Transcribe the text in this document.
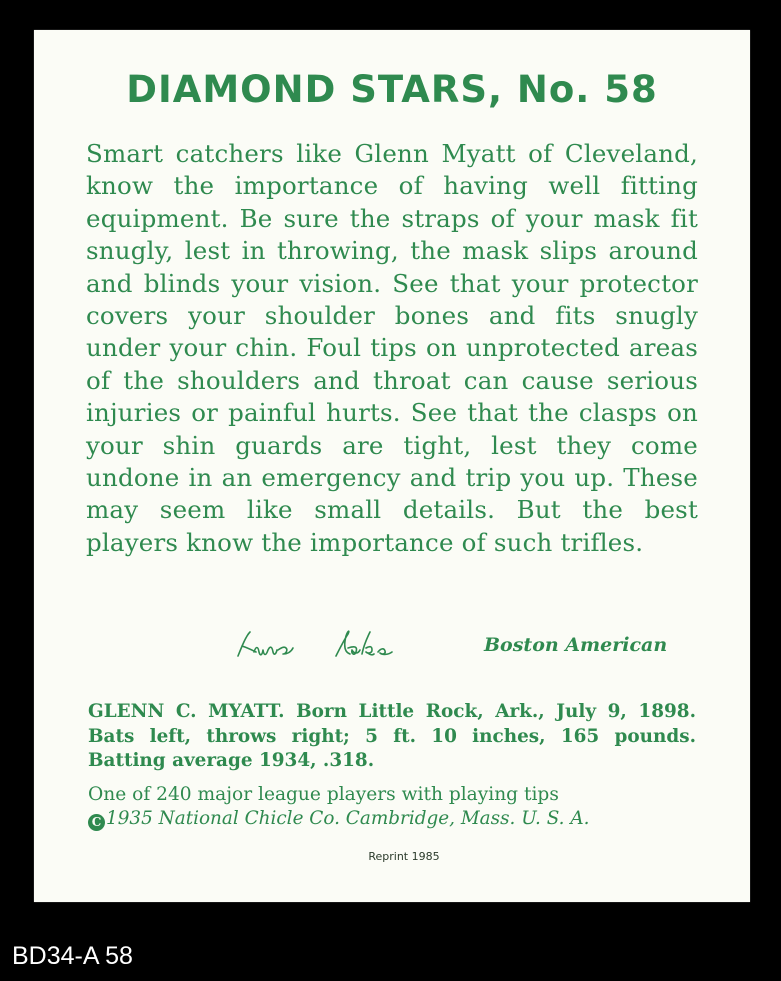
DIAMOND STARS, No. 58
Smart catchers like Glenn Myatt of Cleveland, know the importance of having well fitting equipment. Be sure the straps of your mask fit snugly, lest in throwing, the mask slips around and blinds your vision. See that your protector covers your shoulder bones and fits snugly under your chin. Foul tips on unprotected areas of the shoulders and throat can cause serious injuries or painful hurts. See that the clasps on your shin guards are tight, lest they come undone in an emergency and trip you up. These may seem like small details. But the best players know the importance of such trifles.
Boston American
GLENN C. MYATT. Born Little Rock, Ark., July 9, 1898. Bats left, throws right; 5 ft. 10 inches, 165 pounds. Batting average 1934, .318.
One of 240 major league players with playing tips
C 1935 National Chicle Co. Cambridge, Mass. U. S. A.
Reprint 1985
BD34-A 58
